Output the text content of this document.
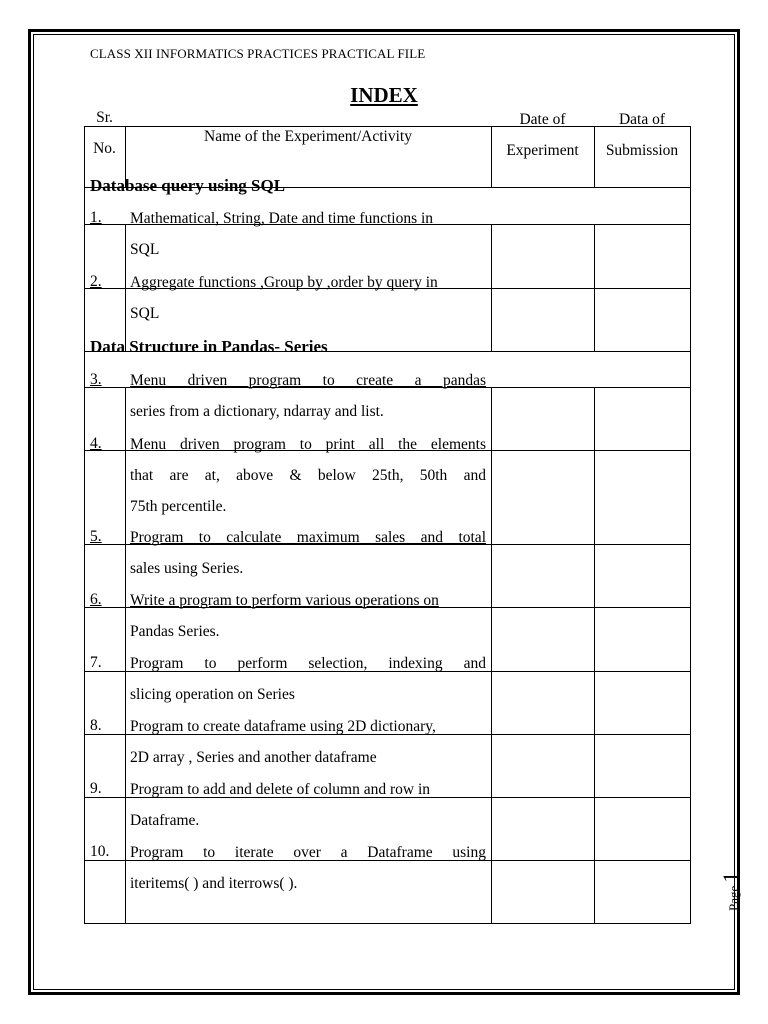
CLASS XII INFORMATICS PRACTICES PRACTICAL FILE
INDEX
Sr.
No.
Name of the Experiment/Activity
Date of
Experiment
Data of
Submission
Database query using SQL
Data Structure in Pandas- Series
1. Mathematical, String, Date and time functions in
SQL
2. Aggregate functions ,Group by ,order by query in
SQL
3. Menu driven program to create a pandas
series from a dictionary, ndarray and list.
4. Menu driven program to print all the elements
that are at, above & below 25th, 50th and
75th percentile.
5. Program to calculate maximum sales and total
sales using Series.
6. Write a program to perform various operations on
Pandas Series.
7. Program to perform selection, indexing and
slicing operation on Series
8. Program to create dataframe using 2D dictionary,
2D array , Series and another dataframe
9. Program to add and delete of column and row in
Dataframe.
10. Program to iterate over a Dataframe using
iteritems( ) and iterrows( ).
Page1
